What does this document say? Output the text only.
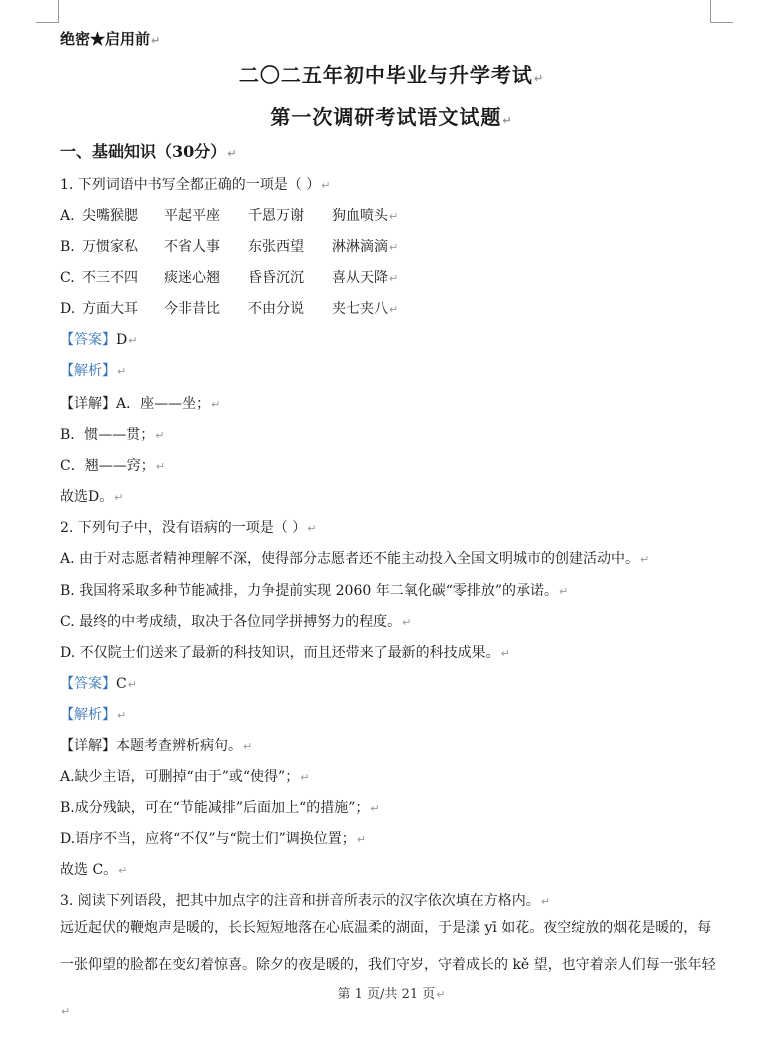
绝密★启用前↵
二〇二五年初中毕业与升学考试↵
第一次调研考试语文试题↵
一、基础知识（30分）↵
1. 下列词语中书写全都正确的一项是（ ）↵
A. 尖嘴猴腮 平起平座 千恩万谢 狗血喷头↵
B. 万惯家私 不省人事 东张西望 淋淋滴滴↵
C. 不三不四 痰迷心翘 昏昏沉沉 喜从天降↵
D. 方面大耳 今非昔比 不由分说 夹七夹八↵
【答案】D↵
【解析】↵
【详解】A．座——坐；↵
B．惯——贯；↵
C．翘——窍；↵
故选D。↵
2. 下列句子中，没有语病的一项是（ ）↵
A. 由于对志愿者精神理解不深，使得部分志愿者还不能主动投入全国文明城市的创建活动中。↵
B. 我国将采取多种节能减排，力争提前实现 2060 年二氧化碳“零排放”的承诺。↵
C. 最终的中考成绩，取决于各位同学拼搏努力的程度。↵
D. 不仅院士们送来了最新的科技知识，而且还带来了最新的科技成果。↵
【答案】C↵
【解析】↵
【详解】本题考查辨析病句。↵
A.缺少主语，可删掉“由于”或“使得”；↵
B.成分残缺，可在“节能减排”后面加上“的措施”；↵
D.语序不当，应将“不仅”与“院士们”调换位置；↵
故选 C。↵
3. 阅读下列语段，把其中加点字的注音和拼音所表示的汉字依次填在方格内。↵
远近起伏的鞭炮声是暖的，长长短短地落在心底温柔的湖面，于是漾 yī 如花。夜空绽放的烟花是暖的，每
一张仰望的脸都在变幻着惊喜。除夕的夜是暖的，我们守岁，守着成长的 kě 望，也守着亲人们每一张年轻
第 1 页/共 21 页↵
↵
